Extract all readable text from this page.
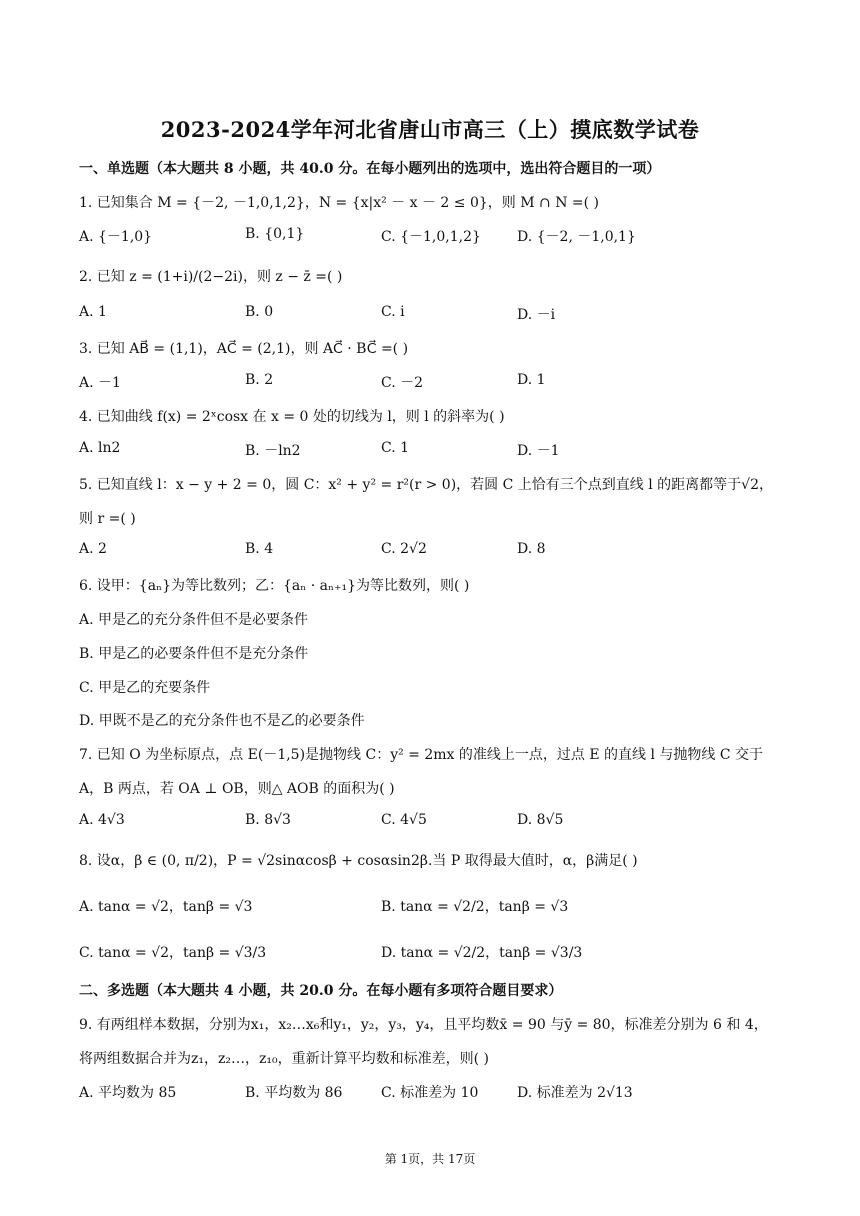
2023-2024学年河北省唐山市高三（上）摸底数学试卷
一、单选题（本大题共 8 小题，共 40.0 分。在每小题列出的选项中，选出符合题目的一项）
1. 已知集合 M = {－2, －1,0,1,2}，N = {x|x² － x － 2 ≤ 0}，则 M ∩ N =( )
A. {－1,0}	B. {0,1}	C. {－1,0,1,2}	D. {－2, －1,0,1}
2. 已知 z = (1+i)/(2−2i)，则 z − z̄ =( )
A. 1	B. 0	C. i	D. －i
3. 已知 AB⃗ = (1,1)，AC⃗ = (2,1)，则 AC⃗ · BC⃗ =( )
A. －1	B. 2	C. －2	D. 1
4. 已知曲线 f(x) = 2ˣcosx 在 x = 0 处的切线为 l，则 l 的斜率为( )
A. ln2	B. －ln2	C. 1	D. －1
5. 已知直线 l：x − y + 2 = 0，圆 C：x² + y² = r²(r > 0)，若圆 C 上恰有三个点到直线 l 的距离都等于√2，
则 r =( )
A. 2	B. 4	C. 2√2	D. 8
6. 设甲：{aₙ}为等比数列；乙：{aₙ · aₙ₊₁}为等比数列，则( )
A. 甲是乙的充分条件但不是必要条件
B. 甲是乙的必要条件但不是充分条件
C. 甲是乙的充要条件
D. 甲既不是乙的充分条件也不是乙的必要条件
7. 已知 O 为坐标原点，点 E(－1,5)是抛物线 C：y² = 2mx 的准线上一点，过点 E 的直线 l 与抛物线 C 交于
A，B 两点，若 OA ⊥ OB，则△ AOB 的面积为( )
A. 4√3	B. 8√3	C. 4√5	D. 8√5
8. 设α，β ∈ (0, π/2)，P = √2sinαcosβ + cosαsin2β.当 P 取得最大值时，α，β满足( )
A. tanα = √2，tanβ = √3	B. tanα = √2/2，tanβ = √3
C. tanα = √2，tanβ = √3/3	D. tanα = √2/2，tanβ = √3/3
二、多选题（本大题共 4 小题，共 20.0 分。在每小题有多项符合题目要求）
9. 有两组样本数据，分别为x₁，x₂…x₆和y₁，y₂，y₃，y₄，且平均数x̄ = 90 与ȳ = 80，标准差分别为 6 和 4，
将两组数据合并为z₁，z₂…，z₁₀，重新计算平均数和标准差，则( )
A. 平均数为 85	B. 平均数为 86	C. 标准差为 10	D. 标准差为 2√13
第 1页，共 17页
